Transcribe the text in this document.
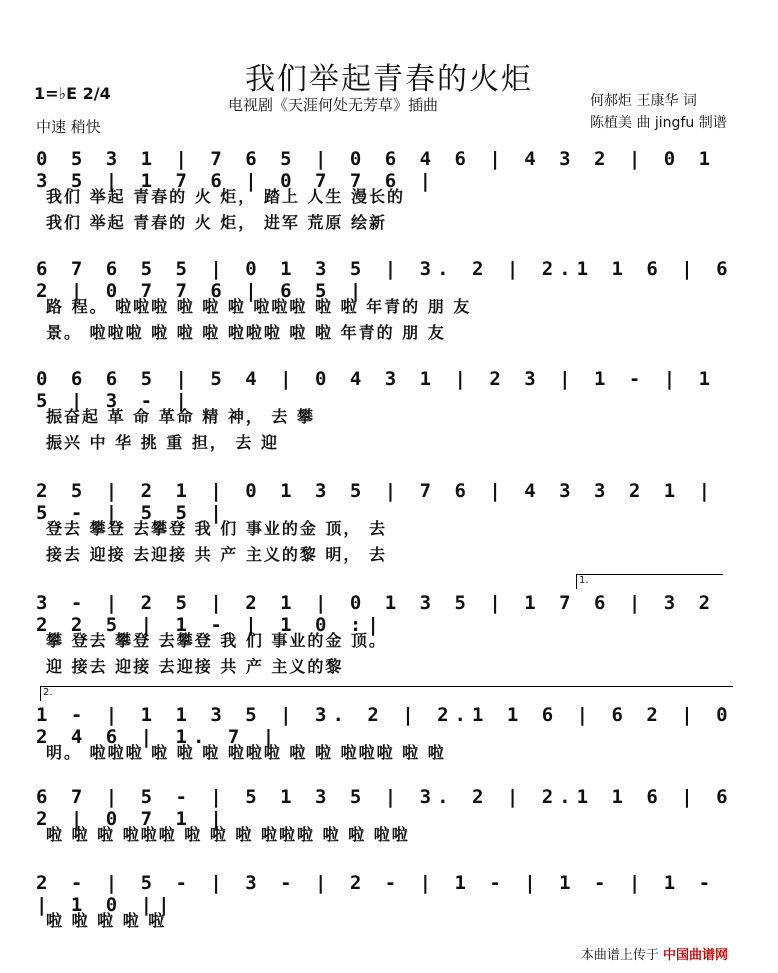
我们举起青春的火炬
1=♭E 2/4
电视剧《天涯何处无芳草》插曲
中速 稍快
何郝炬 王康华 词
陈植美 曲 jingfu 制谱
0 5 3 1 | 7 6 5 | 0 6 4 6 | 4 3 2 | 0 1 3 5 | 1 7 6 | 0 7 7 6 |
我们 举起 青春的 火 炬， 踏上 人生 漫长的
我们 举起 青春的 火 炬， 进军 荒原 绘新
6 7 6 5 5 | 0 1 3 5 | 3. 2 | 2.1 1 6 | 6 2 | 0 7 7 6 | 6 5 |
路 程。 啦啦啦 啦 啦 啦 啦啦啦 啦 啦 年青的 朋 友
景。 啦啦啦 啦 啦 啦 啦啦啦 啦 啦 年青的 朋 友
0 6 6 5 | 5 4 | 0 4 3 1 | 2 3 | 1 - | 1 5 | 3 - |
振奋起 革 命 革命 精 神， 去 攀
振兴 中 华 挑 重 担， 去 迎
2 5 | 2 1 | 0 1 3 5 | 7 6 | 4 3 3 2 1 | 5 - | 5 5 |
登去 攀登 去攀登 我 们 事业的金 顶， 去
接去 迎接 去迎接 共 产 主义的黎 明， 去
3 - | 2 5 | 2 1 | 0 1 3 5 | 1 7 6 | 3 2 2 2 5 | 1 - | 1 0 :|
攀 登去 攀登 去攀登 我 们 事业的金 顶。
迎 接去 迎接 去迎接 共 产 主义的黎
1 - | 1 1 3 5 | 3. 2 | 2.1 1 6 | 6 2 | 0 2 4 6 | 1. 7 |
明。 啦啦啦 啦 啦 啦 啦啦啦 啦 啦 啦啦啦 啦 啦
6 7 | 5 - | 5 1 3 5 | 3. 2 | 2.1 1 6 | 6 2 | 0 7 1 |
啦 啦 啦 啦啦啦 啦 啦 啦 啦啦啦 啦 啦 啦啦
2 - | 5 - | 3 - | 2 - | 1 - | 1 - | 1 - | 1 0 ||
啦 啦 啦 啦 啦
1.
2.
本曲谱上传于 中国曲谱网
